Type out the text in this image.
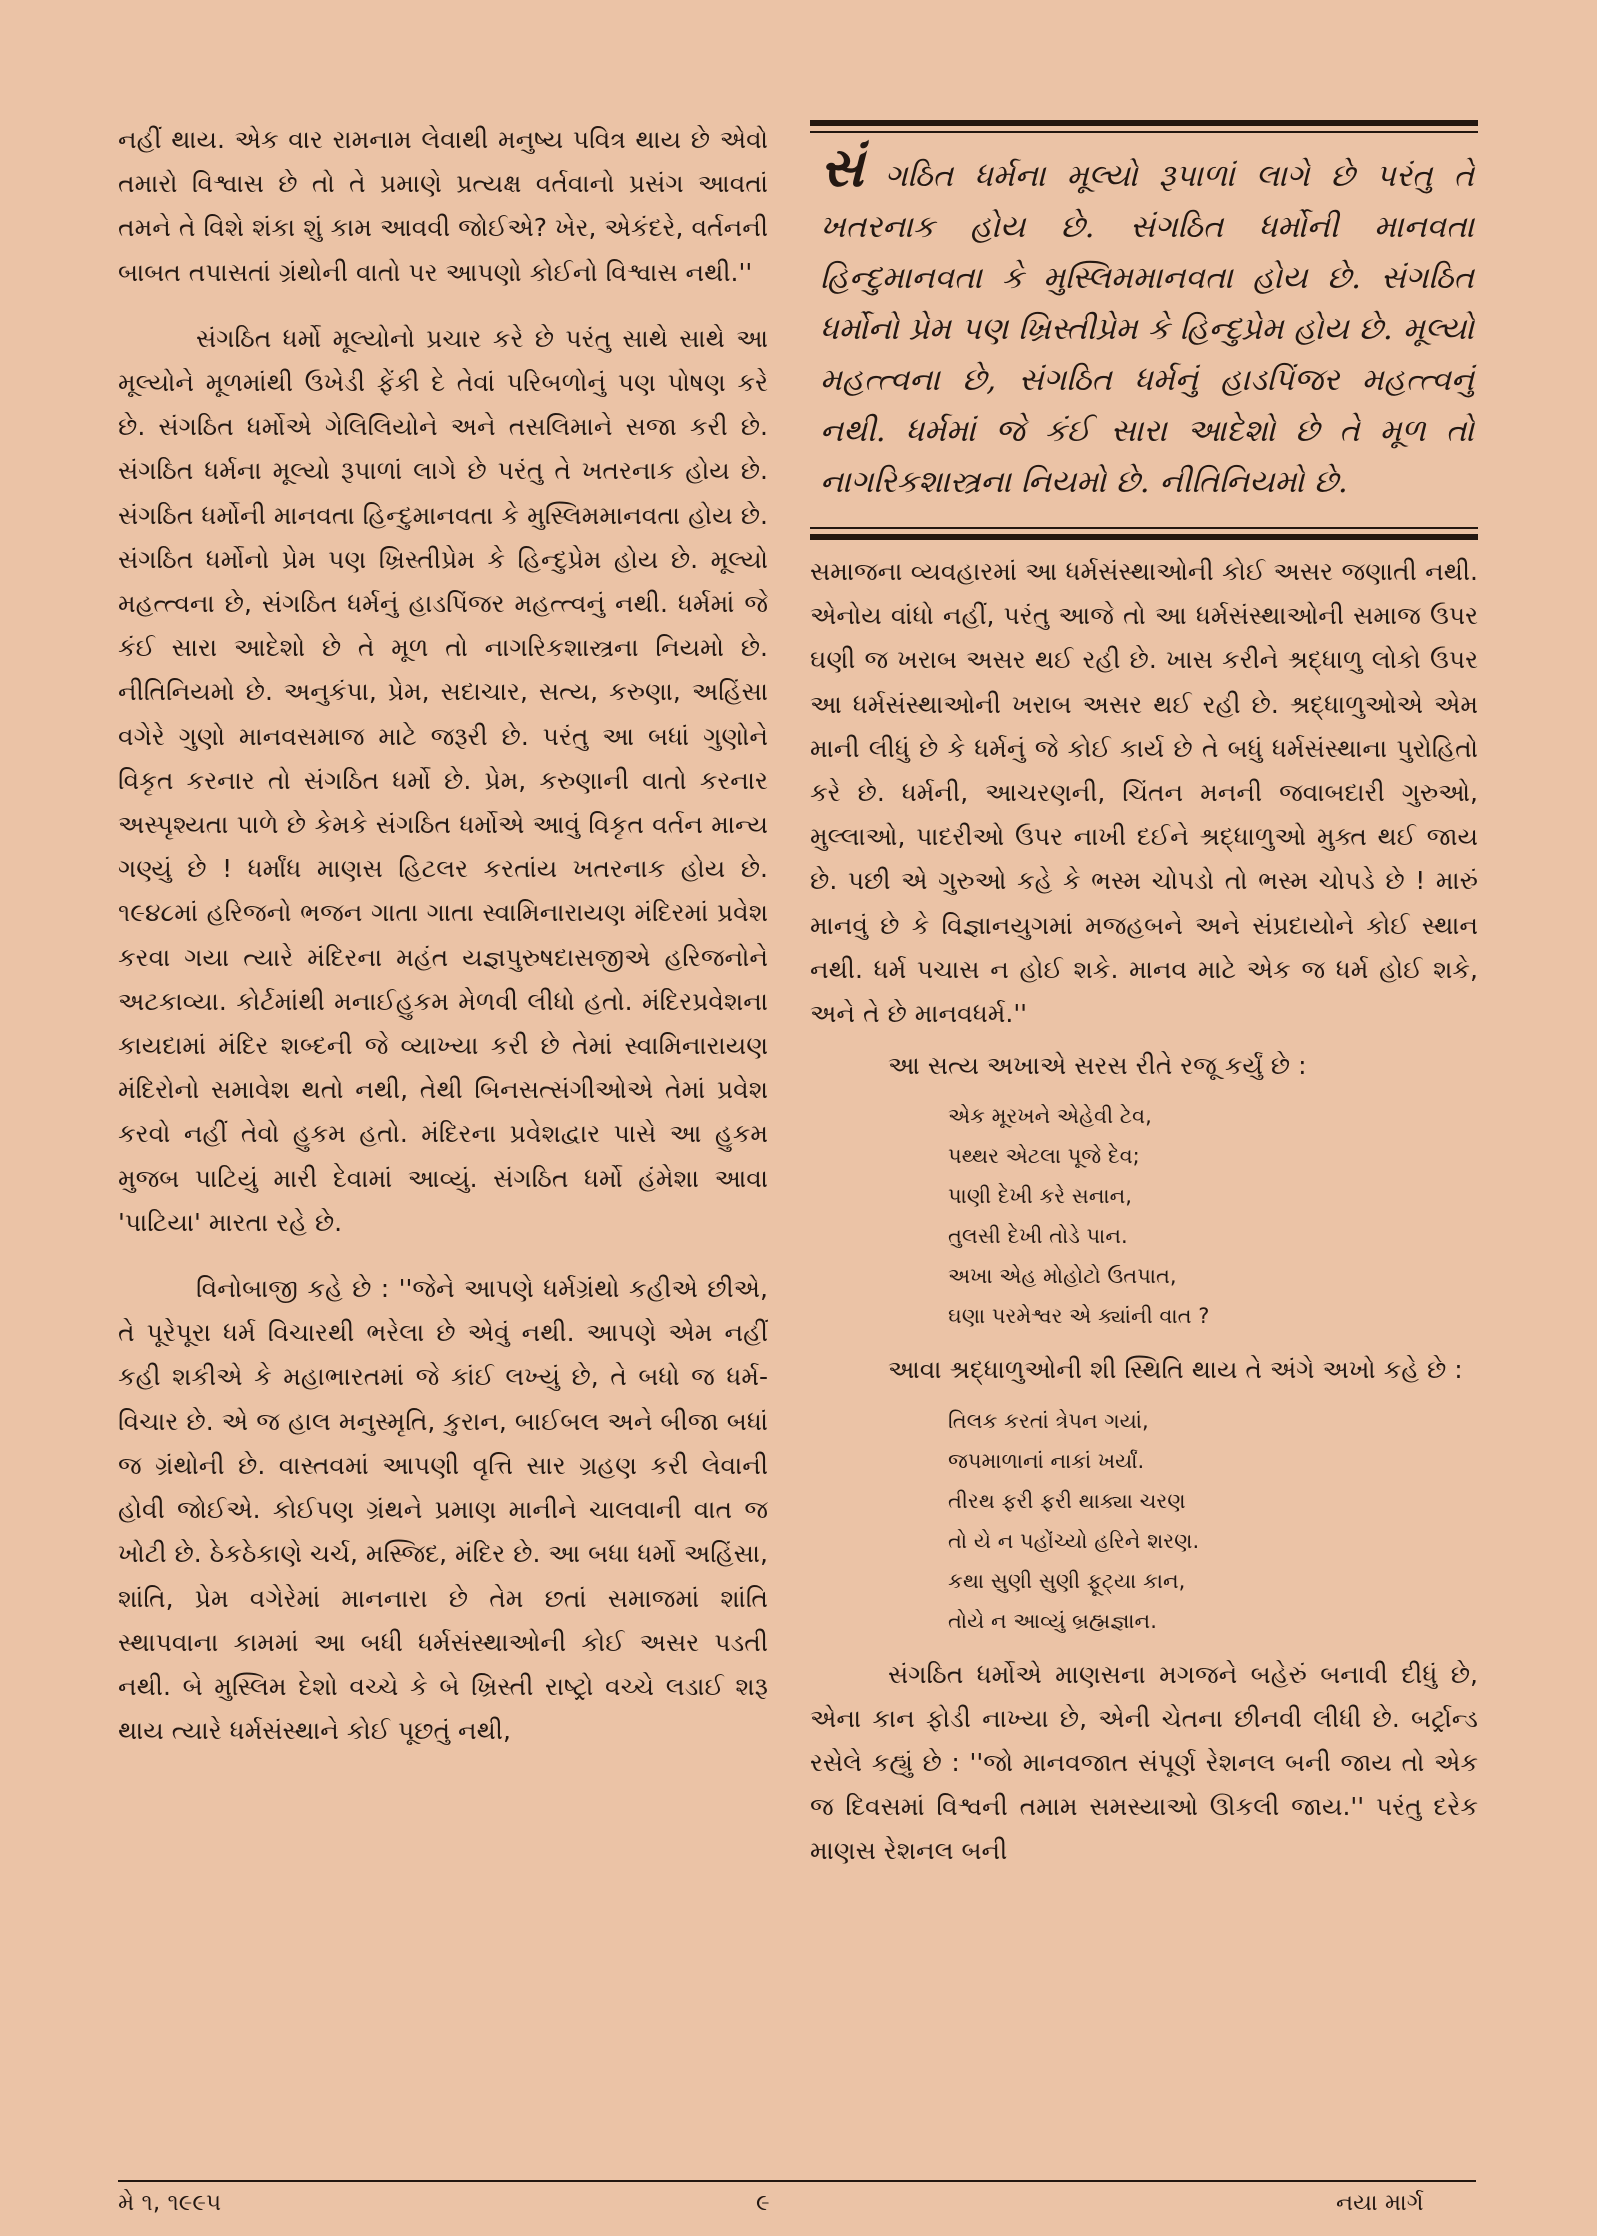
નહીં થાય. એક વાર રામનામ લેવાથી મનુષ્ય પવિત્ર થાય છે એવો તમારો વિશ્વાસ છે તો તે પ્રમાણે પ્રત્યક્ષ વર્તવાનો પ્રસંગ આવતાં તમને તે વિશે શંકા શું કામ આવવી જોઈએ? ખેર, એકંદરે, વર્તનની બાબત તપાસતાં ગ્રંથોની વાતો પર આપણો કોઈનો વિશ્વાસ નથી.''

સંગઠિત ધર્મો મૂલ્યોનો પ્રચાર કરે છે પરંતુ સાથે સાથે આ મૂલ્યોને મૂળમાંથી ઉખેડી ફેંકી દે તેવાં પરિબળોનું પણ પોષણ કરે છે. સંગઠિત ધર્મોએ ગેલિલિયોને અને તસલિમાને સજા કરી છે. સંગઠિત ધર્મના મૂલ્યો રૂપાળાં લાગે છે પરંતુ તે ખતરનાક હોય છે. સંગઠિત ધર્મોની માનવતા હિન્દુમાનવતા કે મુસ્લિમમાનવતા હોય છે. સંગઠિત ધર્મોનો પ્રેમ પણ ખ્રિસ્તીપ્રેમ કે હિન્દુપ્રેમ હોય છે. મૂલ્યો મહત્ત્વના છે, સંગઠિત ધર્મનું હાડપિંજર મહત્ત્વનું નથી. ધર્મમાં જે કંઈ સારા આદેશો છે તે મૂળ તો નાગરિકશાસ્ત્રના નિયમો છે. નીતિનિયમો છે. અનુકંપા, પ્રેમ, સદાચાર, સત્ય, કરુણા, અહિંસા વગેરે ગુણો માનવસમાજ માટે જરૂરી છે. પરંતુ આ બધાં ગુણોને વિકૃત કરનાર તો સંગઠિત ધર્મો છે. પ્રેમ, કરુણાની વાતો કરનાર અસ્પૃશ્યતા પાળે છે કેમકે સંગઠિત ધર્મોએ આવું વિકૃત વર્તન માન્ય ગણ્યું છે ! ધર્માંધ માણસ હિટલર કરતાંય ખતરનાક હોય છે. ૧૯૪૮માં હરિજનો ભજન ગાતા ગાતા સ્વામિનારાયણ મંદિરમાં પ્રવેશ કરવા ગયા ત્યારે મંદિરના મહંત યજ્ઞપુરુષદાસજીએ હરિજનોને અટકાવ્યા. કોર્ટમાંથી મનાઈહુકમ મેળવી લીધો હતો. મંદિરપ્રવેશના કાયદામાં મંદિર શબ્દની જે વ્યાખ્યા કરી છે તેમાં સ્વામિનારાયણ મંદિરોનો સમાવેશ થતો નથી, તેથી બિનસત્સંગીઓએ તેમાં પ્રવેશ કરવો નહીં તેવો હુકમ હતો. મંદિરના પ્રવેશદ્વાર પાસે આ હુકમ મુજબ પાટિયું મારી દેવામાં આવ્યું. સંગઠિત ધર્મો હંમેશા આવા 'પાટિયા' મારતા રહે છે.

વિનોબાજી કહે છે : ''જેને આપણે ધર્મગ્રંથો કહીએ છીએ, તે પૂરેપૂરા ધર્મ વિચારથી ભરેલા છે એવું નથી. આપણે એમ નહીં કહી શકીએ કે મહાભારતમાં જે કાંઈ લખ્યું છે, તે બધો જ ધર્મ-વિચાર છે. એ જ હાલ મનુસ્મૃતિ, કુરાન, બાઈબલ અને બીજા બધાં જ ગ્રંથોની છે. વાસ્તવમાં આપણી વૃત્તિ સાર ગ્રહણ કરી લેવાની હોવી જોઈએ. કોઈપણ ગ્રંથને પ્રમાણ માનીને ચાલવાની વાત જ ખોટી છે. ઠેકઠેકાણે ચર્ચ, મસ્જિદ, મંદિર છે. આ બધા ધર્મો અહિંસા, શાંતિ, પ્રેમ વગેરેમાં માનનારા છે તેમ છતાં સમાજમાં શાંતિ સ્થાપવાના કામમાં આ બધી ધર્મસંસ્થાઓની કોઈ અસર પડતી નથી. બે મુસ્લિમ દેશો વચ્ચે કે બે ખ્રિસ્તી રાષ્ટ્રો વચ્ચે લડાઈ શરૂ થાય ત્યારે ધર્મસંસ્થાને કોઈ પૂછતું નથી,

સં ગઠિત ધર્મના મૂલ્યો રૂપાળાં લાગે છે પરંતુ તે ખતરનાક હોય છે. સંગઠિત ધર્મોની માનવતા હિન્દુમાનવતા કે મુસ્લિમમાનવતા હોય છે. સંગઠિત ધર્મોનો પ્રેમ પણ ખ્રિસ્તીપ્રેમ કે હિન્દુપ્રેમ હોય છે. મૂલ્યો મહત્ત્વના છે, સંગઠિત ધર્મનું હાડપિંજર મહત્ત્વનું નથી. ધર્મમાં જે કંઈ સારા આદેશો છે તે મૂળ તો નાગરિકશાસ્ત્રના નિયમો છે. નીતિનિયમો છે.

સમાજના વ્યવહારમાં આ ધર્મસંસ્થાઓની કોઈ અસર જણાતી નથી. એનોય વાંધો નહીં, પરંતુ આજે તો આ ધર્મસંસ્થાઓની સમાજ ઉપર ઘણી જ ખરાબ અસર થઈ રહી છે. ખાસ કરીને શ્રદ્ધાળુ લોકો ઉપર આ ધર્મસંસ્થાઓની ખરાબ અસર થઈ રહી છે. શ્રદ્ધાળુઓએ એમ માની લીધું છે કે ધર્મનું જે કોઈ કાર્ય છે તે બધું ધર્મસંસ્થાના પુરોહિતો કરે છે. ધર્મની, આચરણની, ચિંતન મનની જવાબદારી ગુરુઓ, મુલ્લાઓ, પાદરીઓ ઉપર નાખી દઈને શ્રદ્ધાળુઓ મુક્ત થઈ જાય છે. પછી એ ગુરુઓ કહે કે ભસ્મ ચોપડો તો ભસ્મ ચોપડે છે ! મારું માનવું છે કે વિજ્ઞાનયુગમાં મજહબને અને સંપ્રદાયોને કોઈ સ્થાન નથી. ધર્મ પચાસ ન હોઈ શકે. માનવ માટે એક જ ધર્મ હોઈ શકે, અને તે છે માનવધર્મ.''

આ સત્ય અખાએ સરસ રીતે રજૂ કર્યું છે :

એક મૂરખને એહેવી ટેવ,
પથ્થર એટલા પૂજે દેવ;
પાણી દેખી કરે સનાન,
તુલસી દેખી તોડે પાન.
અખા એહ મોહોટો ઉતપાત,
ઘણા પરમેશ્વર એ ક્યાંની વાત ?

આવા શ્રદ્ધાળુઓની શી સ્થિતિ થાય તે અંગે અખો કહે છે :

તિલક કરતાં ત્રેપન ગયાં,
જપમાળાનાં નાકાં ખર્યાં.
તીરથ ફરી ફરી થાક્યા ચરણ
તો યે ન પહોંચ્યો હરિને શરણ.
કથા સુણી સુણી ફૂટ્યા કાન,
તોયે ન આવ્યું બ્રહ્મજ્ઞાન.

સંગઠિત ધર્મોએ માણસના મગજને બહેરું બનાવી દીધું છે, એના કાન ફોડી નાખ્યા છે, એની ચેતના છીનવી લીધી છે. બર્ટ્રાન્ડ રસેલે કહ્યું છે : ''જો માનવજાત સંપૂર્ણ રેશનલ બની જાય તો એક જ દિવસમાં વિશ્વની તમામ સમસ્યાઓ ઊકલી જાય.'' પરંતુ દરેક માણસ રેશનલ બની

મે ૧, ૧૯૯૫	૯	નયા માર્ગ
